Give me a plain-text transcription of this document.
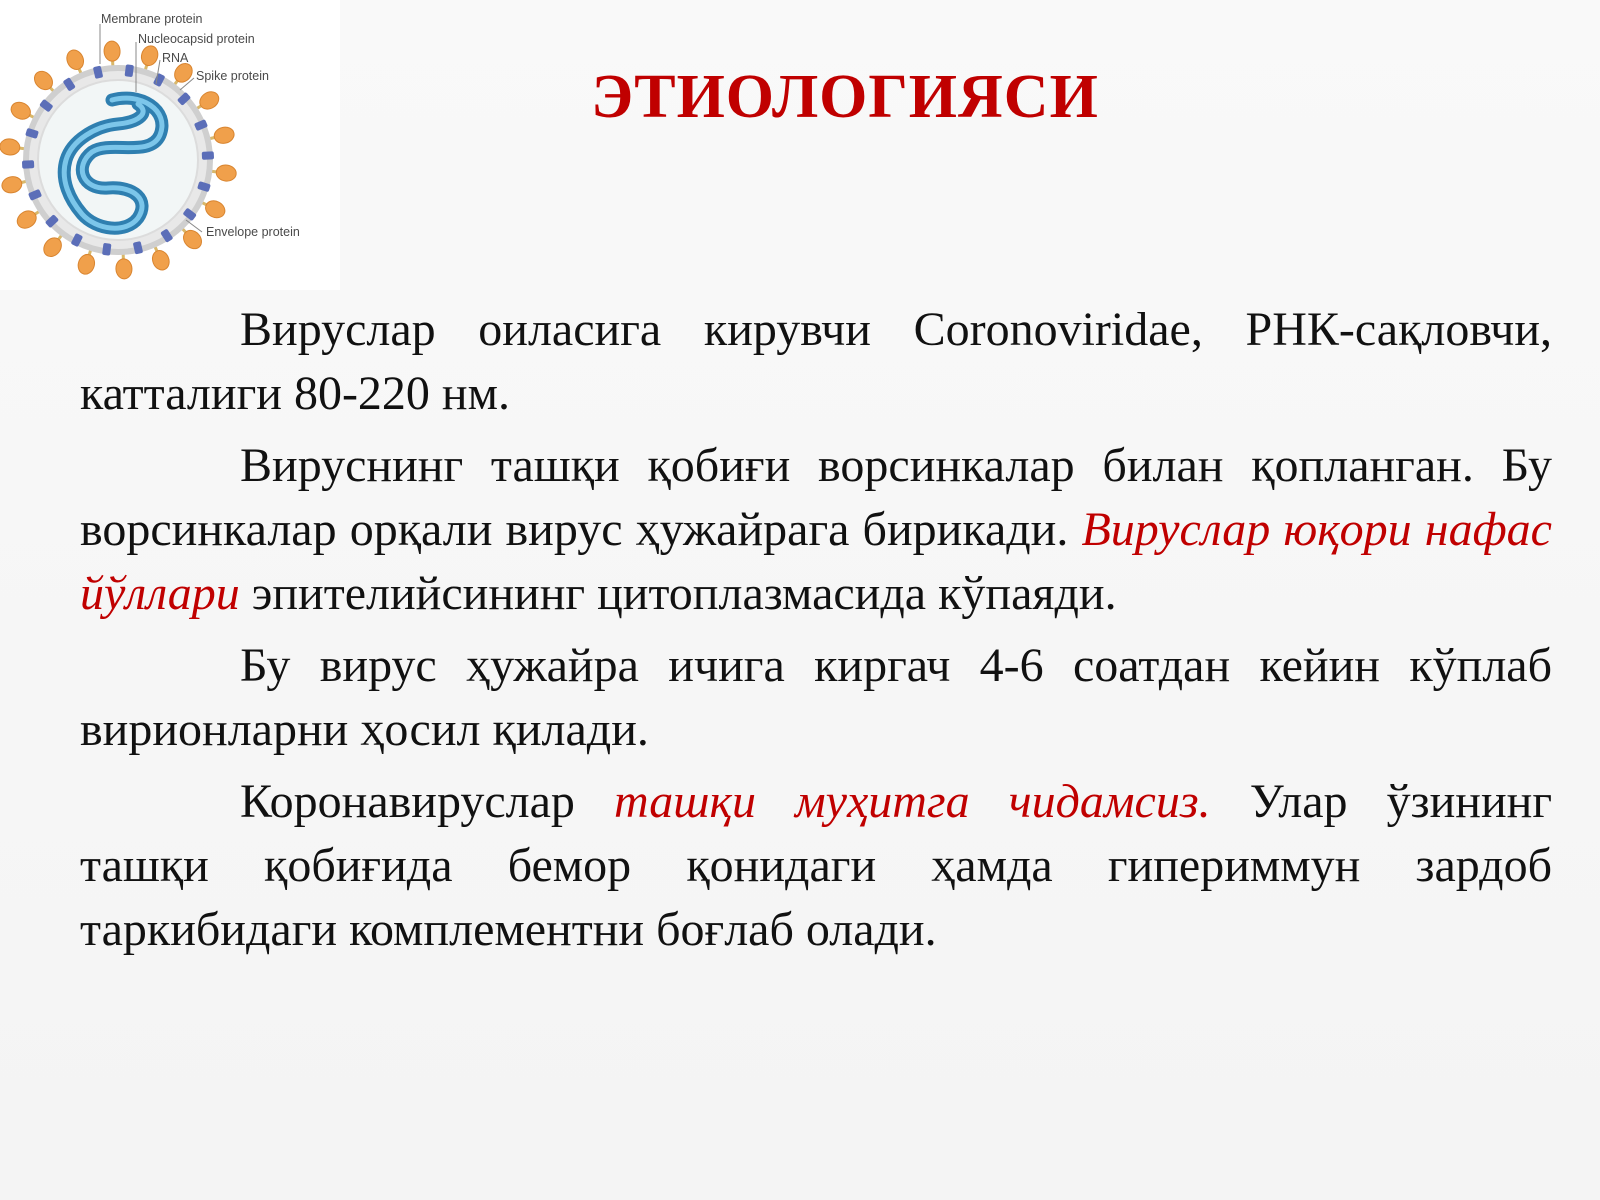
Membrane protein
Nucleocapsid protein
RNA
Spike protein
Envelope protein
ЭТИОЛОГИЯСИ

Вируслар оиласига кирувчи Coronoviridae, РНК-сақловчи, катталиги 80-220 нм.

Вируснинг ташқи қобиғи ворсинкалар билан қопланган. Бу ворсинкалар орқали вирус ҳужайрага бирикади. Вируслар юқори нафас йўллари эпителийсининг цитоплазмасида кўпаяди.

Бу вирус ҳужайра ичига киргач 4-6 соатдан кейин кўплаб вирионларни ҳосил қилади.

Коронавируслар ташқи муҳитга чидамсиз. Улар ўзининг ташқи қобиғида бемор қонидаги ҳамда гипериммун зардоб таркибидаги комплементни боғлаб олади.
